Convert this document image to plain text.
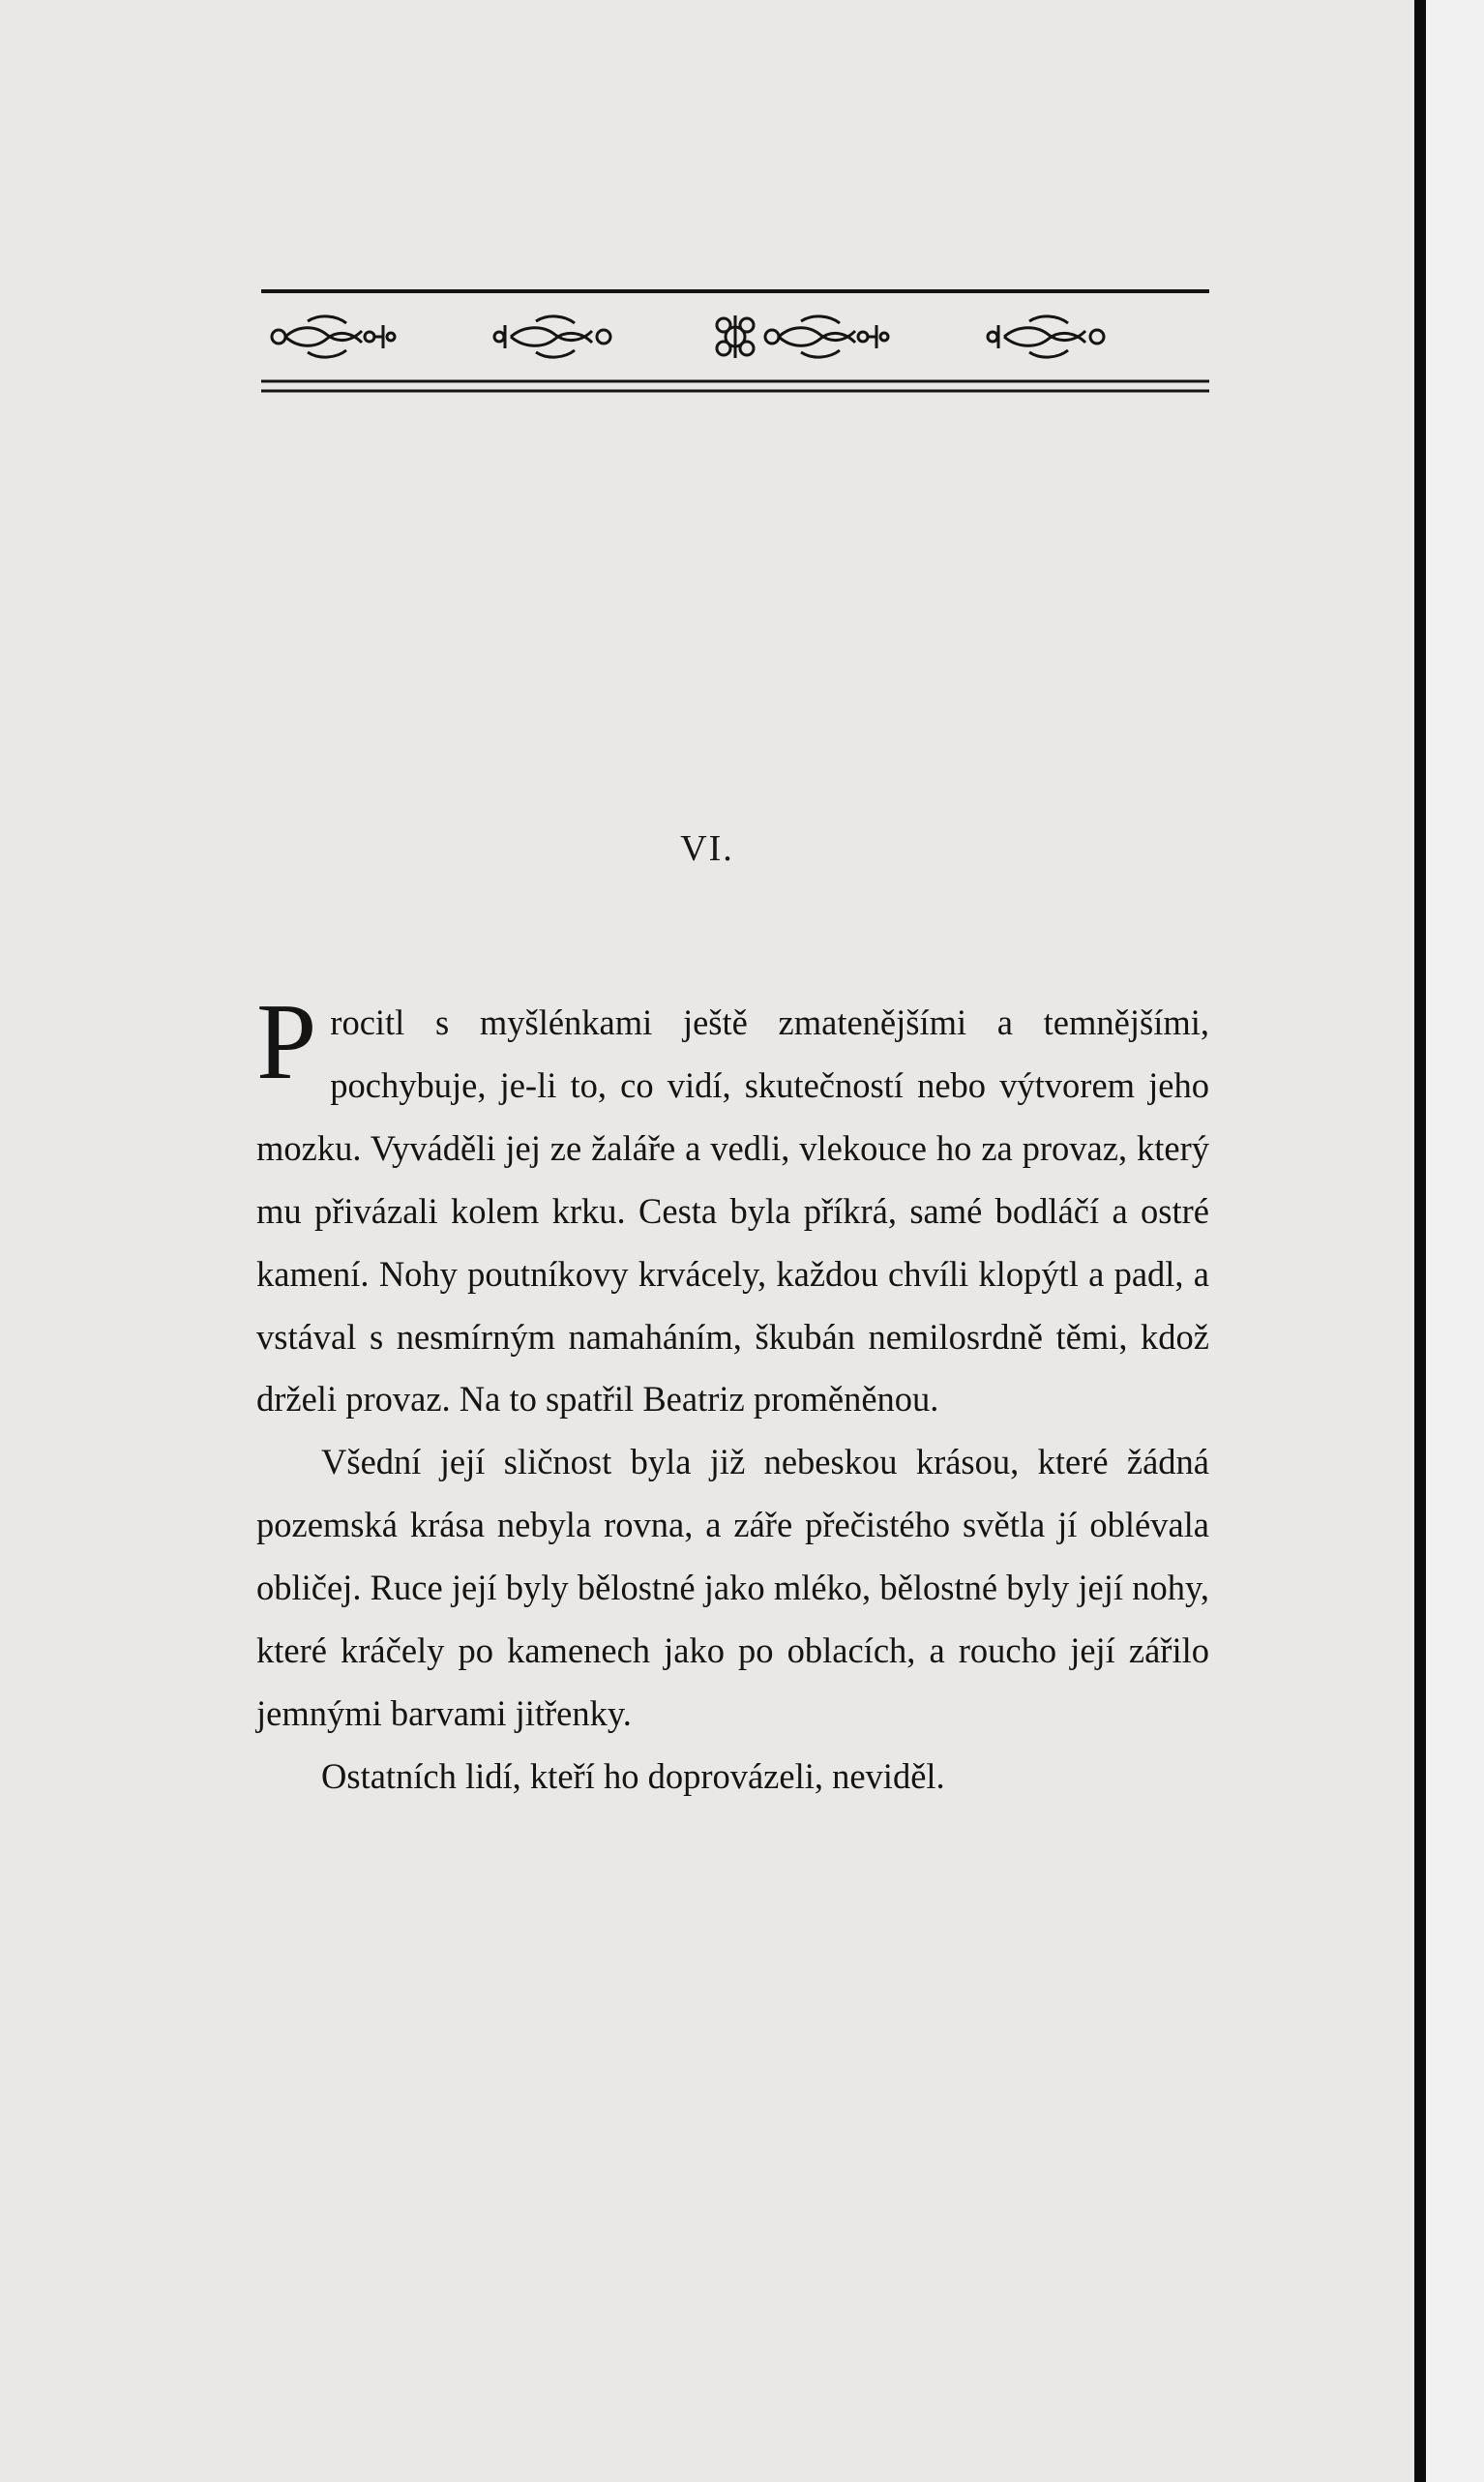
VI.

Procitl s myšlénkami ještě zmatenějšími a temnějšími, pochybuje, je-li to, co vidí, skutečností nebo výtvorem jeho mozku. Vyváděli jej ze žaláře a vedli, vlekouce ho za provaz, který mu přivázali kolem krku. Cesta byla příkrá, samé bodláčí a ostré kamení. Nohy poutníkovy krvácely, každou chvíli klopýtl a padl, a vstával s nesmírným namaháním, škubán nemilosrdně těmi, kdož drželi provaz. Na to spatřil Beatriz proměněnou.

Všední její sličnost byla již nebeskou krásou, které žádná pozemská krása nebyla rovna, a záře přečistého světla jí oblévala obličej. Ruce její byly bělostné jako mléko, bělostné byly její nohy, které kráčely po kamenech jako po oblacích, a roucho její zářilo jemnými barvami jitřenky.

Ostatních lidí, kteří ho doprovázeli, neviděl.
